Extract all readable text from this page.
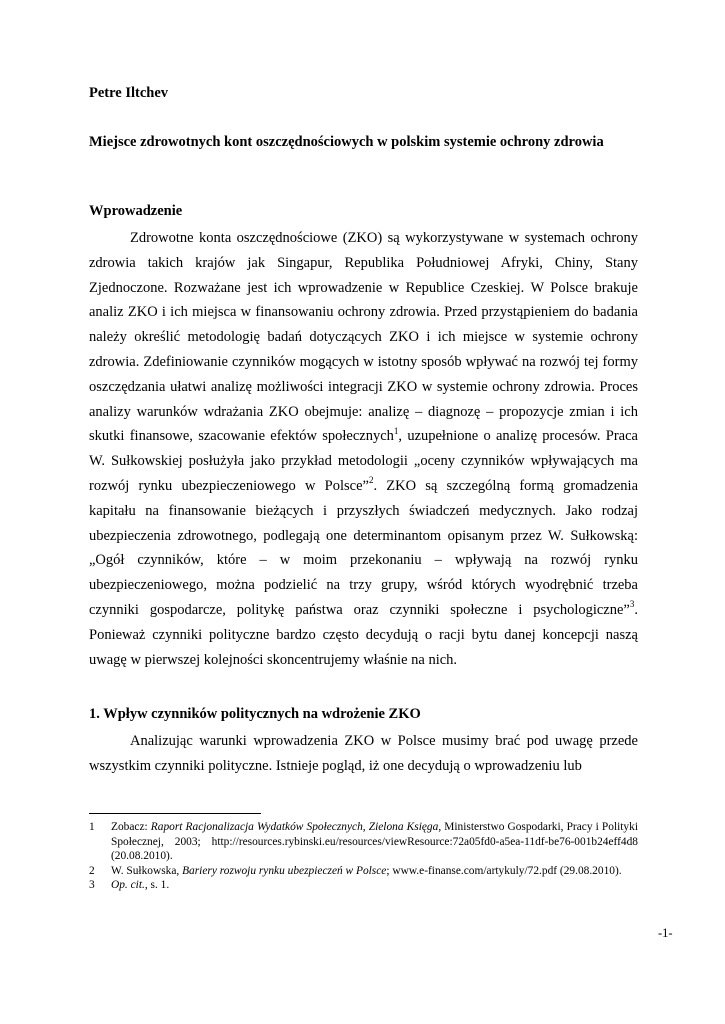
Petre Iltchev
Miejsce zdrowotnych kont oszczędnościowych w polskim systemie ochrony zdrowia
Wprowadzenie

Zdrowotne konta oszczędnościowe (ZKO) są wykorzystywane w systemach ochrony zdrowia takich krajów jak Singapur, Republika Południowej Afryki, Chiny, Stany Zjednoczone. Rozważane jest ich wprowadzenie w Republice Czeskiej. W Polsce brakuje analiz ZKO i ich miejsca w finansowaniu ochrony zdrowia. Przed przystąpieniem do badania należy określić metodologię badań dotyczących ZKO i ich miejsce w systemie ochrony zdrowia. Zdefiniowanie czynników mogących w istotny sposób wpływać na rozwój tej formy oszczędzania ułatwi analizę możliwości integracji ZKO w systemie ochrony zdrowia. Proces analizy warunków wdrażania ZKO obejmuje: analizę – diagnozę – propozycje zmian i ich skutki finansowe, szacowanie efektów społecznych$^1$, uzupełnione o analizę procesów. Praca W. Sułkowskiej posłużyła jako przykład metodologii „oceny czynników wpływających ma rozwój rynku ubezpieczeniowego w Polsce”$^2$. ZKO są szczególną formą gromadzenia kapitału na finansowanie bieżących i przyszłych świadczeń medycznych. Jako rodzaj ubezpieczenia zdrowotnego, podlegają one determinantom opisanym przez W. Sułkowską: „Ogół czynników, które – w moim przekonaniu – wpływają na rozwój rynku ubezpieczeniowego, można podzielić na trzy grupy, wśród których wyodrębnić trzeba czynniki gospodarcze, politykę państwa oraz czynniki społeczne i psychologiczne”$^3$. Ponieważ czynniki polityczne bardzo często decydują o racji bytu danej koncepcji naszą uwagę w pierwszej kolejności skoncentrujemy właśnie na nich.

1. Wpływ czynników politycznych na wdrożenie ZKO

Analizując warunki wprowadzenia ZKO w Polsce musimy brać pod uwagę przede wszystkim czynniki polityczne. Istnieje pogląd, iż one decydują o wprowadzeniu lub

1	Zobacz: Raport Racjonalizacja Wydatków Społecznych, Zielona Księga, Ministerstwo Gospodarki, Pracy i Polityki Społecznej, 2003; http://resources.rybinski.eu/resources/viewResource:72a05fd0-a5ea-11df-be76-001b24eff4d8 (20.08.2010).
2	W. Sułkowska, Bariery rozwoju rynku ubezpieczeń w Polsce; www.e-finanse.com/artykuly/72.pdf (29.08.2010).
3	Op. cit., s. 1.
-1-
